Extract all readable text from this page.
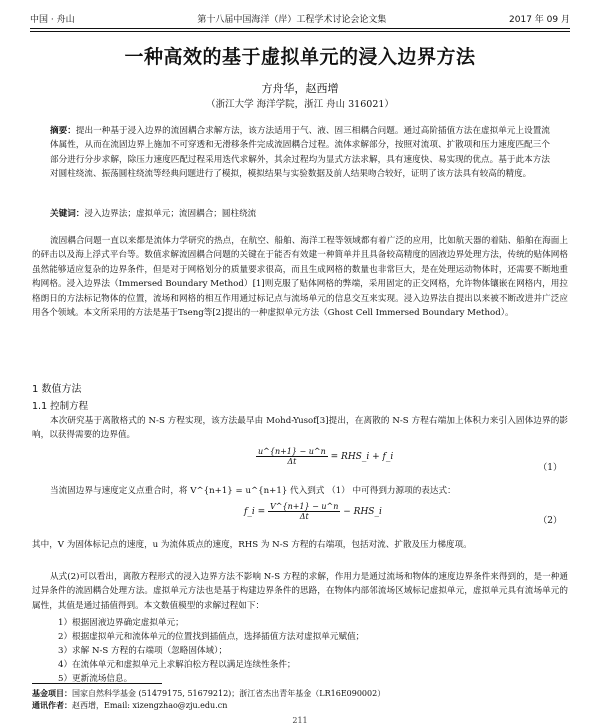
中国 · 舟山	第十八届中国海洋（岸）工程学术讨论会论文集	2017 年 09 月
一种高效的基于虚拟单元的浸入边界方法
方舟华，赵西增
（浙江大学 海洋学院，浙江 舟山 316021）
摘要：提出一种基于浸入边界的流固耦合求解方法，该方法适用于气、液、固三相耦合问题。通过高阶插值方法在虚拟单元上设置流体属性，从而在流固边界上施加不可穿透和无滑移条件完成流固耦合过程。流体求解部分，按照对流项、扩散项和压力速度匹配三个部分进行分步求解，除压力速度匹配过程采用迭代求解外，其余过程均为显式方法求解，具有速度快、易实现的优点。基于此本方法对圆柱绕流、振荡圆柱绕流等经典问题进行了模拟，模拟结果与实验数据及前人结果吻合较好，证明了该方法具有较高的精度。
关键词：浸入边界法；虚拟单元；流固耦合；圆柱绕流
流固耦合问题一直以来都是流体力学研究的热点，在航空、船舶、海洋工程等领域都有着广泛的应用，比如航天器的着陆、船舶在海面上的砰击以及海上浮式平台等。数值求解流固耦合问题的关键在于能否有效建一种简单并且具备较高精度的固液边界处理方法，传统的贴体网格虽然能够适应复杂的边界条件，但是对于网格划分的质量要求很高，而且生成网格的数量也非常巨大，是在处理运动物体时，还需要不断地重构网格。浸入边界法（Immersed Boundary Method）[1]则克服了贴体网格的弊端，采用固定的正交网格，允许物体镶嵌在网格内，用拉格朗日的方法标记物体的位置，流场和网格的相互作用通过标记点与流场单元的信息交互来实现。浸入边界法自提出以来被不断改进并广泛应用各个领域。本文所采用的方法是基于Tseng等[2]提出的一种虚拟单元方法（Ghost Cell Immersed Boundary Method）。
1 数值方法
1.1 控制方程
本次研究基于离散格式的 N-S 方程实现，该方法最早由 Mohd-Yusof[3]提出，在离散的 N-S 方程右端加上体积力来引入固体边界的影响，以获得需要的边界值。
$\frac{u\^{}\{n+1\} - u\^{}n}{\Delta t}$ = RHS_i + f_i
（1）
当流固边界与速度定义点重合时，将 V^{n+1} = u^{n+1} 代入到式 （1） 中可得到力源项的表达式：
f_i = $\frac{V\^{}\{n+1\} - u\^{}n}{\Delta t}$ − RHS_i
（2）
其中，V 为固体标记点的速度，u 为流体质点的速度，RHS 为 N-S 方程的右端项，包括对流、扩散及压力梯度项。
从式(2)可以看出，离散方程形式的浸入边界方法不影响 N-S 方程的求解，作用力是通过流场和物体的速度边界条件来得到的，是一种通过异条件的流固耦合处理方法。虚拟单元方法也是基于构建边界条件的思路，在物体内部邻流场区域标记虚拟单元，虚拟单元具有流场单元的属性，其值是通过插值得到。本文数值模型的求解过程如下：
1）根据固液边界确定虚拟单元；
2）根据虚拟单元和流体单元的位置找到插值点，选择插值方法对虚拟单元赋值；
3）求解 N-S 方程的右端项（忽略固体域）；
4）在流体单元和虚拟单元上求解泊松方程以满足连续性条件；
5）更新流场信息。
基金项目：国家自然科学基金 (51479175, 51679212)；浙江省杰出青年基金（LR16E090002）
通讯作者：赵西增，Email: xizengzhao@zju.edu.cn
211
